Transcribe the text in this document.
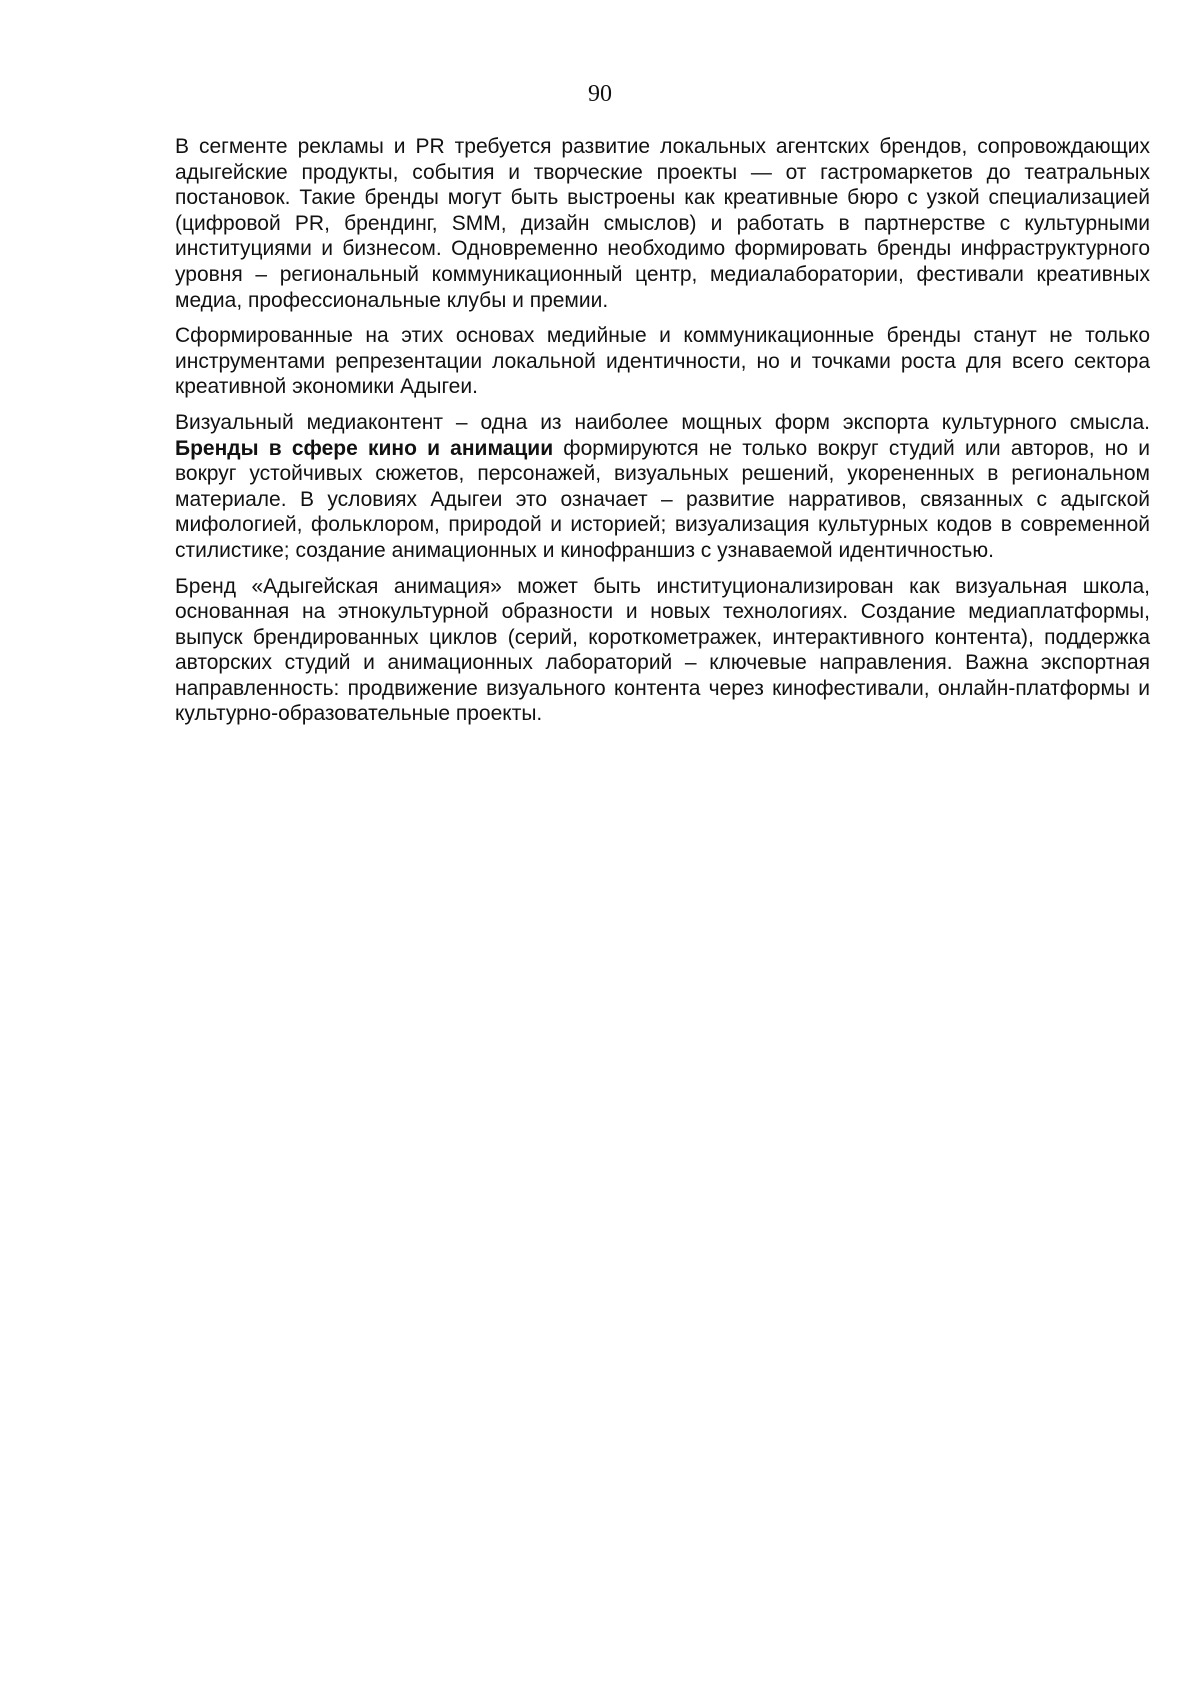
90

В сегменте рекламы и PR требуется развитие локальных агентских брендов, сопровождающих адыгейские продукты, события и творческие проекты — от гастромаркетов до театральных постановок. Такие бренды могут быть выстроены как креативные бюро с узкой специализацией (цифровой PR, брендинг, SMM, дизайн смыслов) и работать в партнерстве с культурными институциями и бизнесом. Одновременно необходимо формировать бренды инфраструктурного уровня – региональный коммуникационный центр, медиалаборатории, фестивали креативных медиа, профессиональные клубы и премии.

Сформированные на этих основах медийные и коммуникационные бренды станут не только инструментами репрезентации локальной идентичности, но и точками роста для всего сектора креативной экономики Адыгеи.

Визуальный медиаконтент – одна из наиболее мощных форм экспорта культурного смысла. Бренды в сфере кино и анимации формируются не только вокруг студий или авторов, но и вокруг устойчивых сюжетов, персонажей, визуальных решений, укорененных в региональном материале. В условиях Адыгеи это означает – развитие нарративов, связанных с адыгской мифологией, фольклором, природой и историей; визуализация культурных кодов в современной стилистике; создание анимационных и кинофраншиз с узнаваемой идентичностью.

Бренд «Адыгейская анимация» может быть институционализирован как визуальная школа, основанная на этнокультурной образности и новых технологиях. Создание медиаплатформы, выпуск брендированных циклов (серий, короткометражек, интерактивного контента), поддержка авторских студий и анимационных лабораторий – ключевые направления. Важна экспортная направленность: продвижение визуального контента через кинофестивали, онлайн-платформы и культурно-образовательные проекты.
